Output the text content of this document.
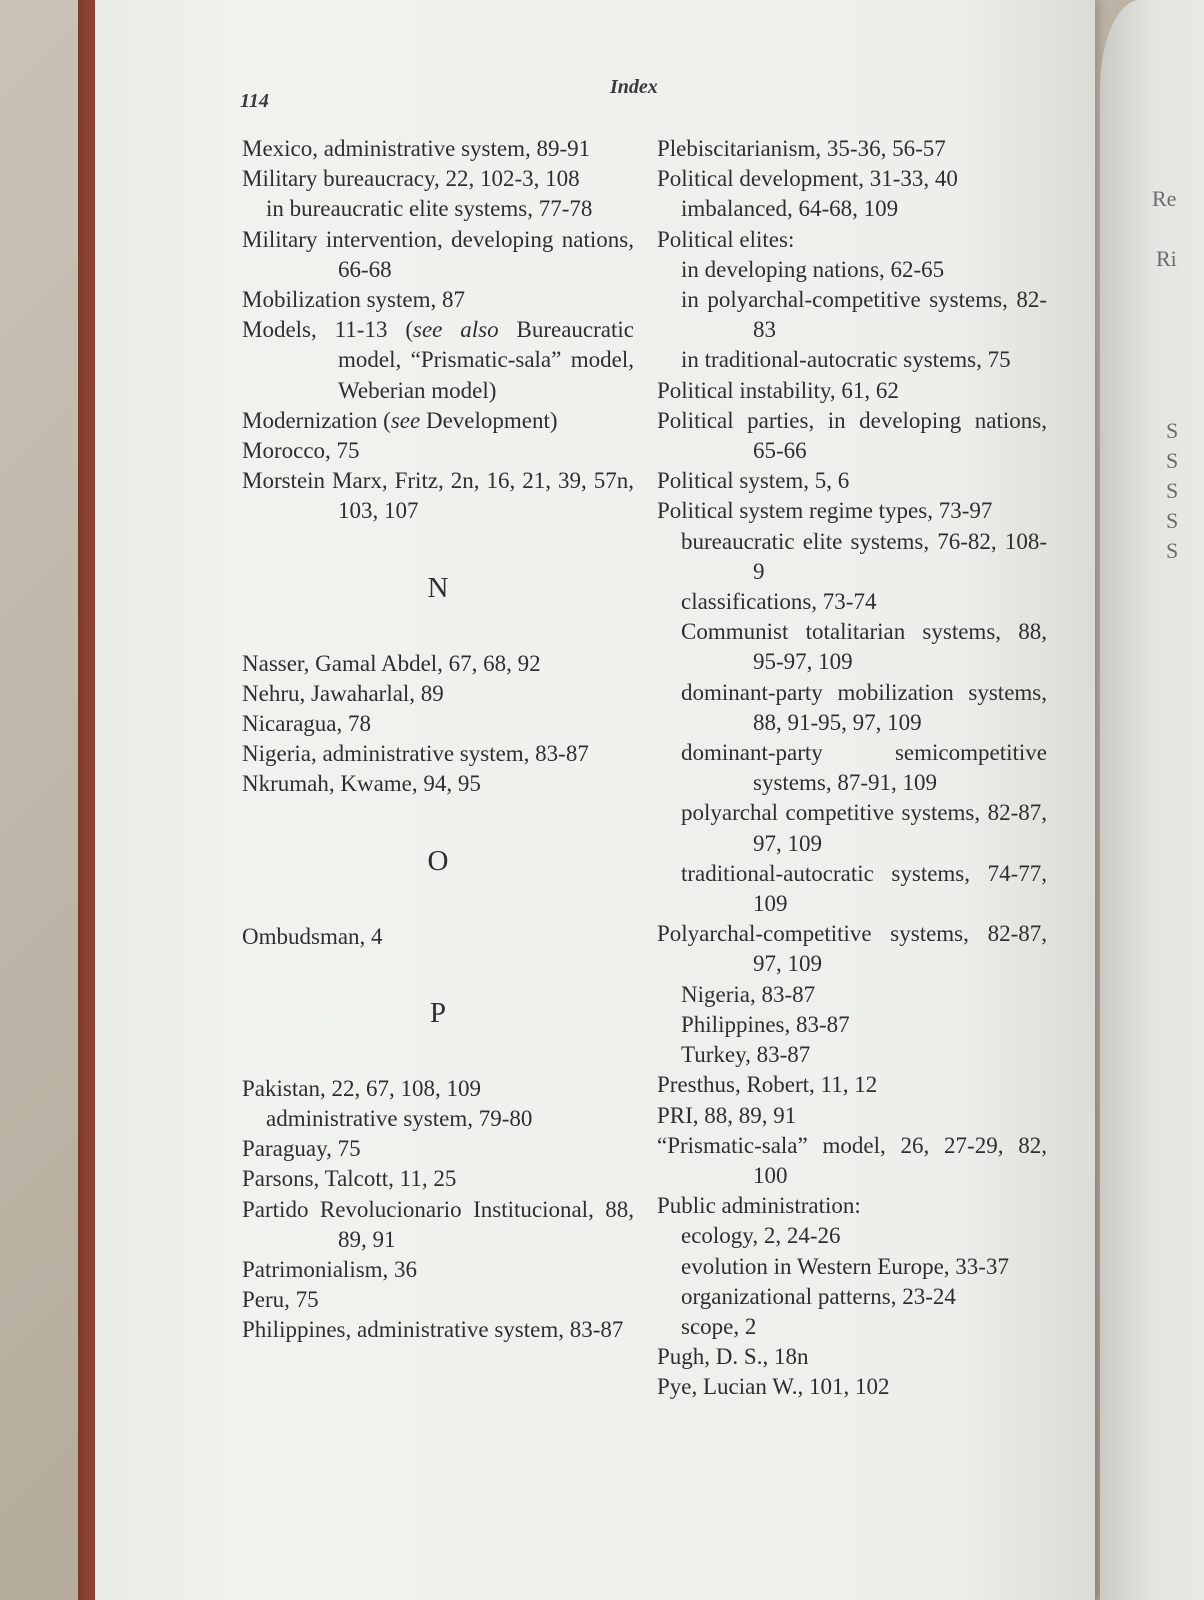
Re
Ri
S
S
S
S
S
114
Index
Mexico, administrative system, 89-91
Military bureaucracy, 22, 102-3, 108
in bureaucratic elite systems, 77-78
Military intervention, developing nations, 66-68
Mobilization system, 87
Models, 11-13 (see also Bureaucratic model, “Prismatic-sala” model, Weberian model)
Modernization (see Development)
Morocco, 75
Morstein Marx, Fritz, 2n, 16, 21, 39, 57n, 103, 107
N
Nasser, Gamal Abdel, 67, 68, 92
Nehru, Jawaharlal, 89
Nicaragua, 78
Nigeria, administrative system, 83-87
Nkrumah, Kwame, 94, 95
O
Ombudsman, 4
P
Pakistan, 22, 67, 108, 109
administrative system, 79-80
Paraguay, 75
Parsons, Talcott, 11, 25
Partido Revolucionario Institucional, 88, 89, 91
Patrimonialism, 36
Peru, 75
Philippines, administrative system, 83-87
Plebiscitarianism, 35-36, 56-57
Political development, 31-33, 40
imbalanced, 64-68, 109
Political elites:
in developing nations, 62-65
in polyarchal-competitive systems, 82-83
in traditional-autocratic systems, 75
Political instability, 61, 62
Political parties, in developing nations, 65-66
Political system, 5, 6
Political system regime types, 73-97
bureaucratic elite systems, 76-82, 108-9
classifications, 73-74
Communist totalitarian systems, 88, 95-97, 109
dominant-party mobilization systems, 88, 91-95, 97, 109
dominant-party semicompetitive systems, 87-91, 109
polyarchal competitive systems, 82-87, 97, 109
traditional-autocratic systems, 74-77, 109
Polyarchal-competitive systems, 82-87, 97, 109
Nigeria, 83-87
Philippines, 83-87
Turkey, 83-87
Presthus, Robert, 11, 12
PRI, 88, 89, 91
“Prismatic-sala” model, 26, 27-29, 82, 100
Public administration:
ecology, 2, 24-26
evolution in Western Europe, 33-37
organizational patterns, 23-24
scope, 2
Pugh, D. S., 18n
Pye, Lucian W., 101, 102
